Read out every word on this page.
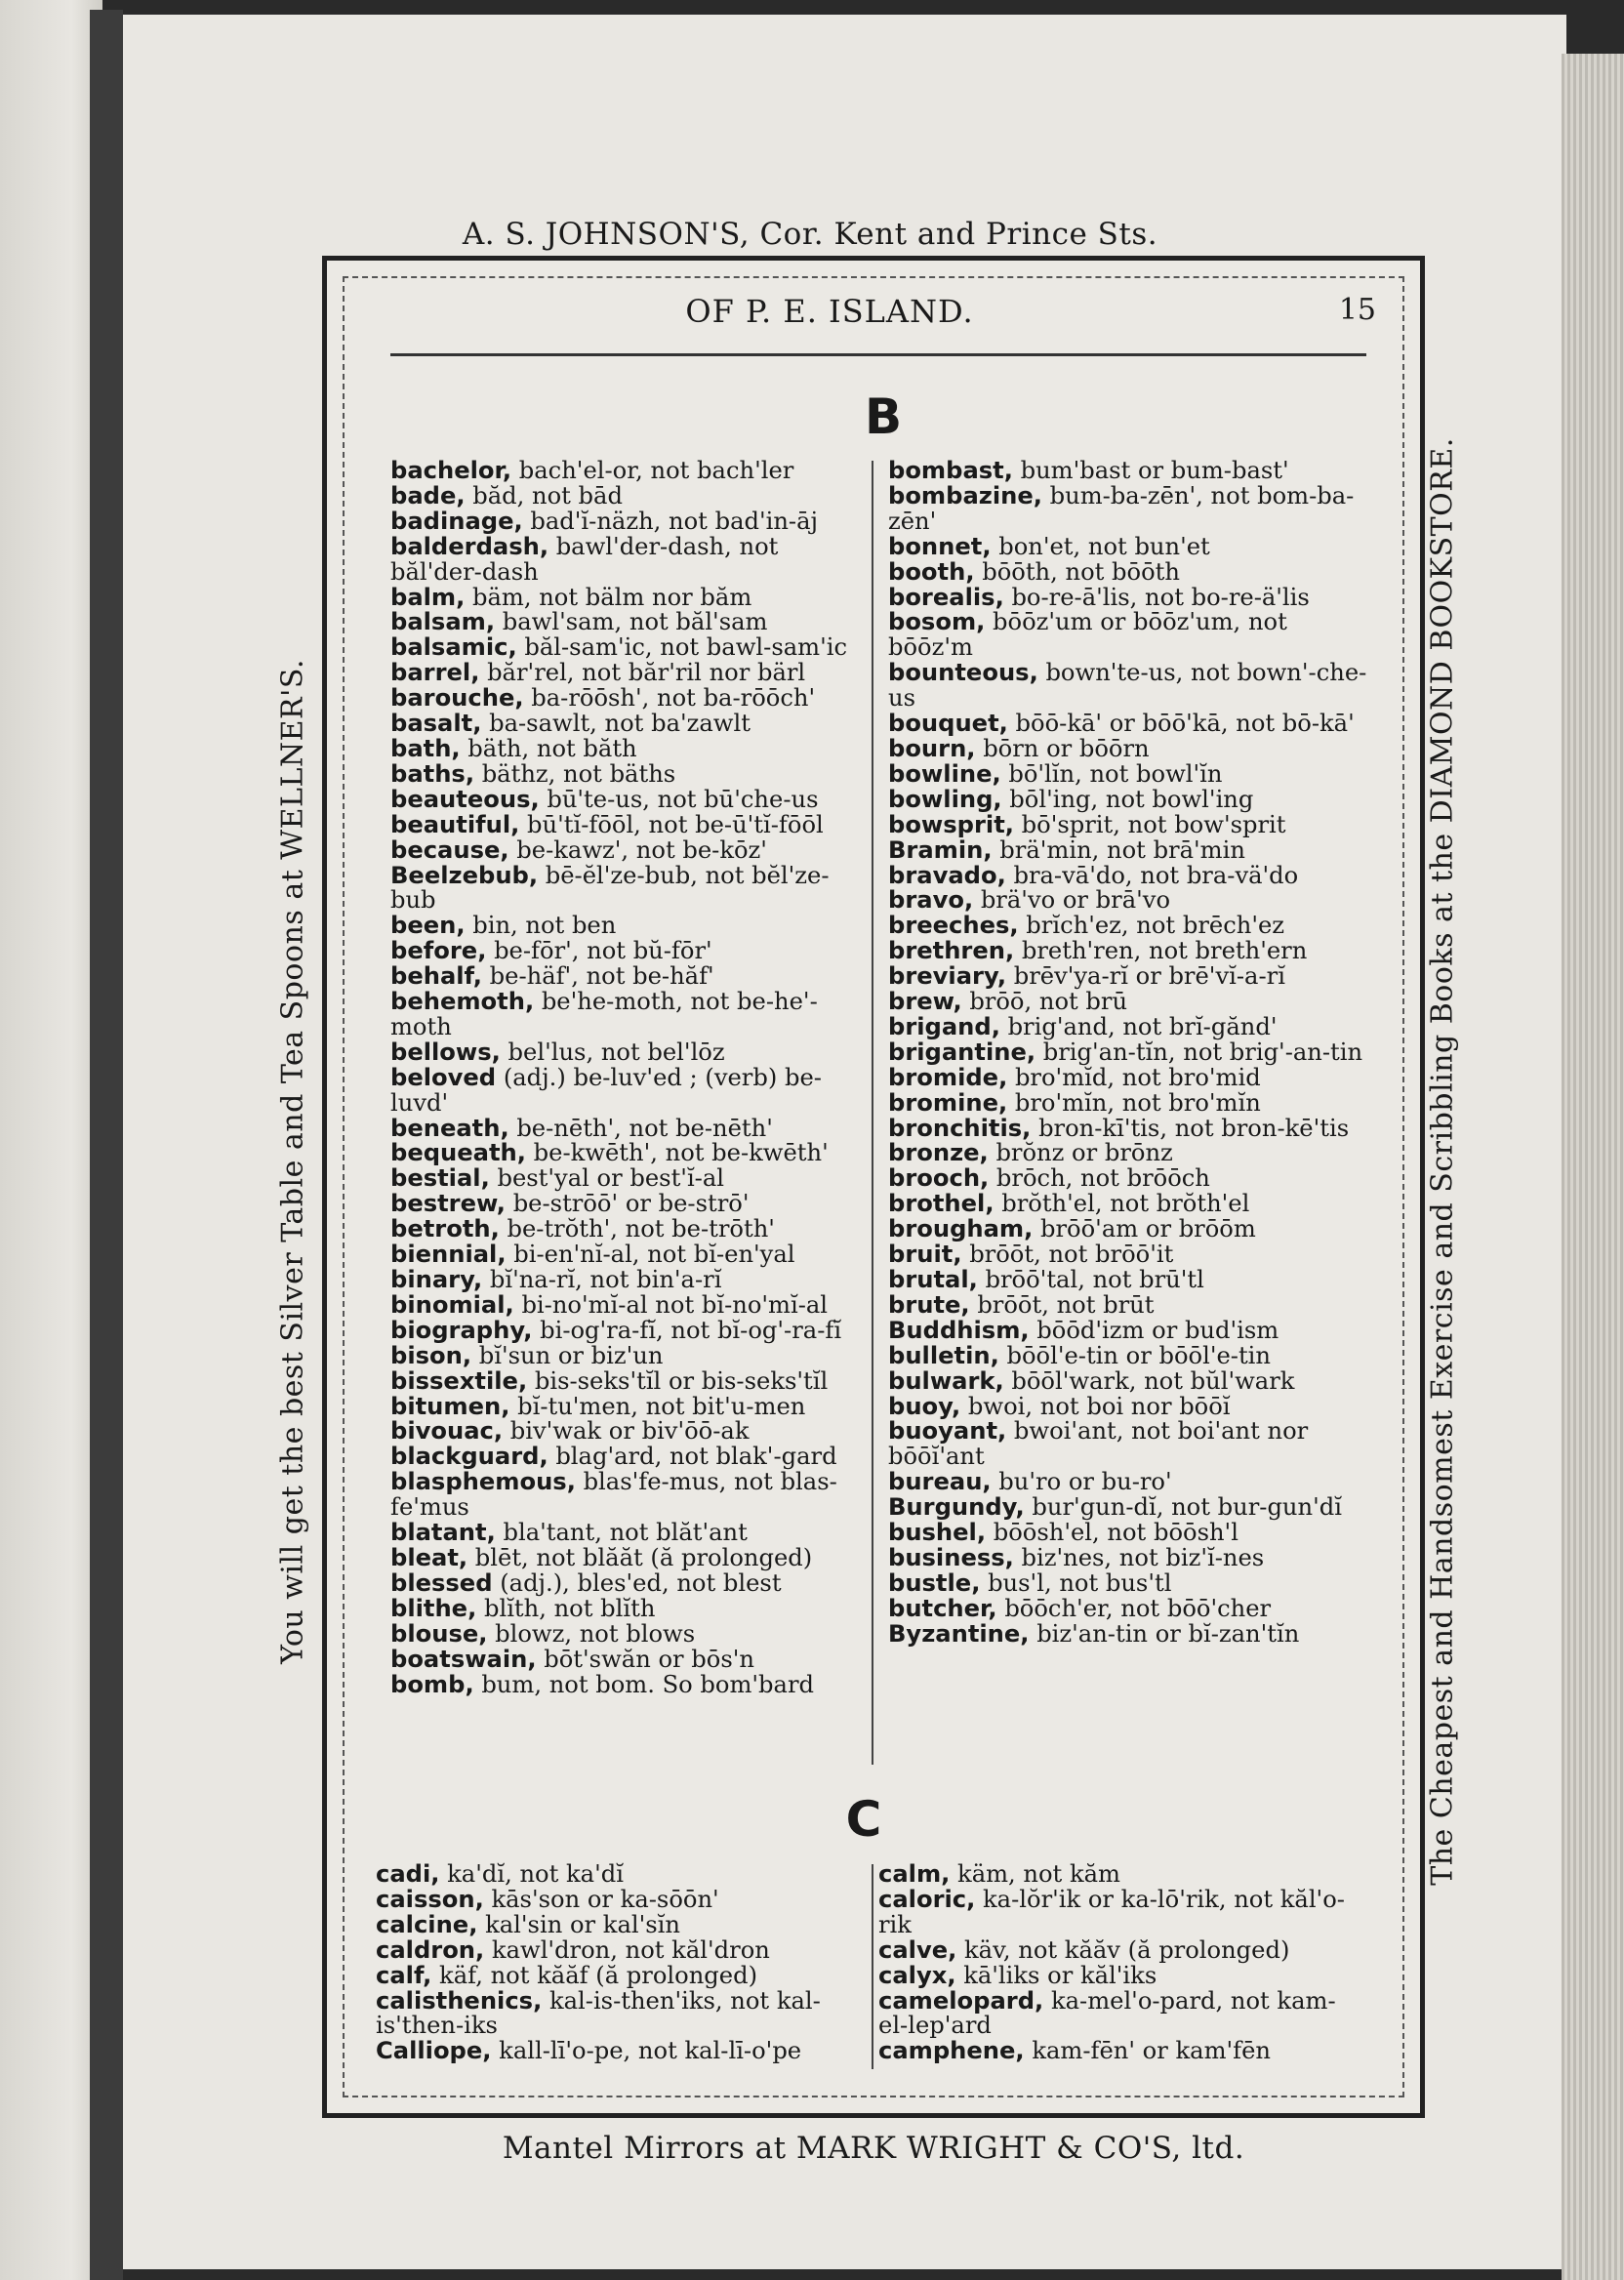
A. S. JOHNSON'S, Cor. Kent and Prince Sts.
You will get the best Silver Table and Tea Spoons at WELLNER'S.	The Cheapest and Handsomest Exercise and Scribbling Books at the DIAMOND BOOKSTORE.
OF P. E. ISLAND.	15
B

bachelor, bach'el-or, not bach'ler

bade, băd, not bād

badinage, bad'ĭ-näzh, not bad'in-āj

balderdash, bawl'der-dash, not băl'der-dash

balm, bäm, not bälm nor băm

balsam, bawl'sam, not băl'sam

balsamic, băl-sam'ic, not bawl-sam'ic

barrel, băr'rel, not băr'ril nor bärl

barouche, ba-rōōsh', not ba-rōōch'

basalt, ba-sawlt, not ba'zawlt

bath, bäth, not băth

baths, bäthz, not bäths

beauteous, bū'te-us, not bū'che-us

beautiful, bū'tĭ-fōōl, not be-ū'tĭ-fōōl

because, be-kawz', not be-kōz'

Beelzebub, bē-ĕl'ze-bub, not bĕl'ze-bub

been, bin, not ben

before, be-fōr', not bŭ-fōr'

behalf, be-häf', not be-hăf'

behemoth, be'he-moth, not be-he'-moth

bellows, bel'lus, not bel'lōz

beloved (adj.) be-luv'ed ; (verb) be-luvd'

beneath, be-nēth', not be-nēth'

bequeath, be-kwēth', not be-kwēth'

bestial, best'yal or best'ĭ-al

bestrew, be-strōō' or be-strō'

betroth, be-trŏth', not be-trōth'

biennial, bi-en'nĭ-al, not bĭ-en'yal

binary, bĭ'na-rĭ, not bin'a-rĭ

binomial, bi-no'mĭ-al not bĭ-no'mĭ-al

biography, bi-og'ra-fĭ, not bĭ-og'-ra-fĭ

bison, bĭ'sun or biz'un

bissextile, bis-seks'tĭl or bis-seks'tĭl

bitumen, bĭ-tu'men, not bit'u-men

bivouac, biv'wak or biv'ōō-ak

blackguard, blag'ard, not blak'-gard

blasphemous, blas'fe-mus, not blas-fe'mus

blatant, bla'tant, not blăt'ant

bleat, blēt, not blăăt (ă prolonged)

blessed (adj.), bles'ed, not blest

blithe, blĭth, not blĭth

blouse, blowz, not blows

boatswain, bōt'swăn or bōs'n

bomb, bum, not bom. So bom'bard

bombast, bum'bast or bum-bast'

bombazine, bum-ba-zēn', not bom-ba-zēn'

bonnet, bon'et, not bun'et

booth, bōōth, not bōōth

borealis, bo-re-ā'lis, not bo-re-ä'lis

bosom, bōōz'um or bōōz'um, not bōōz'm

bounteous, bown'te-us, not bown'-che-us

bouquet, bōō-kā' or bōō'kā, not bō-kā'

bourn, bōrn or bōōrn

bowline, bō'lĭn, not bowl'ĭn

bowling, bōl'ing, not bowl'ing

bowsprit, bō'sprit, not bow'sprit

Bramin, brä'min, not brā'min

bravado, bra-vā'do, not bra-vä'do

bravo, brä'vo or brā'vo

breeches, brĭch'ez, not brēch'ez

brethren, breth'ren, not breth'ern

breviary, brēv'ya-rĭ or brē'vĭ-a-rĭ

brew, brōō, not brū

brigand, brig'and, not brĭ-gănd'

brigantine, brig'an-tĭn, not brig'-an-tin

bromide, bro'mĭd, not bro'mid

bromine, bro'mĭn, not bro'mĭn

bronchitis, bron-kī'tis, not bron-kē'tis

bronze, brŏnz or brōnz

brooch, brōch, not brōōch

brothel, brŏth'el, not brŏth'el

brougham, brōō'am or brōōm

bruit, brōōt, not brōō'it

brutal, brōō'tal, not brū'tl

brute, brōōt, not brūt

Buddhism, bōōd'izm or bud'ism

bulletin, bōōl'e-tin or bōōl'e-tin

bulwark, bōōl'wark, not bŭl'wark

buoy, bwoi, not boi nor bōōĭ

buoyant, bwoi'ant, not boi'ant nor bōōĭ'ant

bureau, bu'ro or bu-ro'

Burgundy, bur'gun-dĭ, not bur-gun'dĭ

bushel, bōōsh'el, not bōōsh'l

business, biz'nes, not biz'ĭ-nes

bustle, bus'l, not bus'tl

butcher, bōōch'er, not bōō'cher

Byzantine, biz'an-tin or bĭ-zan'tĭn

C

cadi, ka'dĭ, not ka'dĭ

caisson, kās'son or ka-sōōn'

calcine, kal'sin or kal'sĭn

caldron, kawl'dron, not kăl'dron

calf, käf, not kăăf (ă prolonged)

calisthenics, kal-is-then'iks, not kal-is'then-iks

Calliope, kall-lī'o-pe, not kal-lī-o'pe

calm, käm, not kăm

caloric, ka-lŏr'ik or ka-lō'rik, not kăl'o-rik

calve, käv, not kăăv (ă prolonged)

calyx, kā'liks or kăl'iks

camelopard, ka-mel'o-pard, not kam-el-lep'ard

camphene, kam-fēn' or kam'fēn

Mantel Mirrors at MARK WRIGHT & CO'S, ltd.
